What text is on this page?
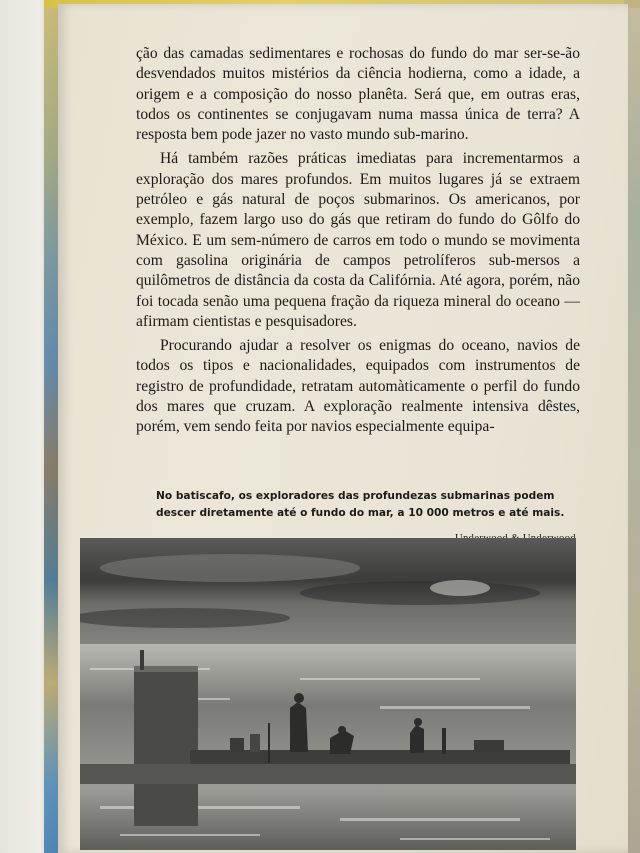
ção das camadas sedimentares e rochosas do fundo do mar ser-se-ão desvendados muitos mistérios da ciência hodierna, como a idade, a origem e a composição do nosso planêta. Será que, em outras eras, todos os continentes se conjugavam numa massa única de terra? A resposta bem pode jazer no vasto mundo sub-marino.

Há também razões práticas imediatas para incrementarmos a exploração dos mares profundos. Em muitos lugares já se extraem petróleo e gás natural de poços submarinos. Os americanos, por exemplo, fazem largo uso do gás que retiram do fundo do Gôlfo do México. E um sem-número de carros em todo o mundo se movimenta com gasolina originária de campos petrolíferos sub-mersos a quilômetros de distância da costa da Califórnia. Até agora, porém, não foi tocada senão uma pequena fração da riqueza mineral do oceano — afirmam cientistas e pesquisadores.

Procurando ajudar a resolver os enigmas do oceano, navios de todos os tipos e nacionalidades, equipados com instrumentos de registro de profundidade, retratam automàticamente o perfil do fundo dos mares que cruzam. A exploração realmente intensiva dêstes, porém, vem sendo feita por navios especialmente equipa-

No batiscafo, os exploradores das profundezas submarinas podem descer diretamente até o fundo do mar, a 10 000 metros e até mais.
